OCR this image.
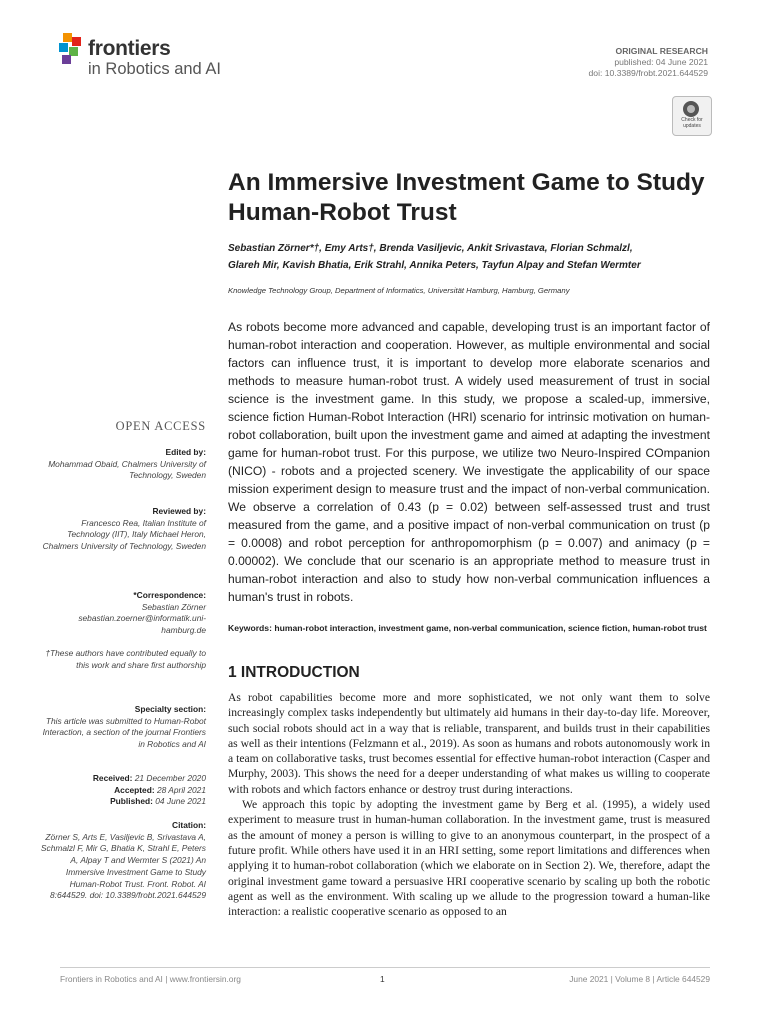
frontiers
in Robotics and AI
ORIGINAL RESEARCH
published: 04 June 2021
doi: 10.3389/frobt.2021.644529
Check for updates
An Immersive Investment Game to Study Human-Robot Trust
Sebastian Zörner*†, Emy Arts†, Brenda Vasiljevic, Ankit Srivastava, Florian Schmalzl,
Glareh Mir, Kavish Bhatia, Erik Strahl, Annika Peters, Tayfun Alpay and Stefan Wermter
Knowledge Technology Group, Department of Informatics, Universität Hamburg, Hamburg, Germany
As robots become more advanced and capable, developing trust is an important factor of human-robot interaction and cooperation. However, as multiple environmental and social factors can influence trust, it is important to develop more elaborate scenarios and methods to measure human-robot trust. A widely used measurement of trust in social science is the investment game. In this study, we propose a scaled-up, immersive, science fiction Human-Robot Interaction (HRI) scenario for intrinsic motivation on human-robot collaboration, built upon the investment game and aimed at adapting the investment game for human-robot trust. For this purpose, we utilize two Neuro-Inspired COmpanion (NICO) - robots and a projected scenery. We investigate the applicability of our space mission experiment design to measure trust and the impact of non-verbal communication. We observe a correlation of 0.43 (p = 0.02) between self-assessed trust and trust measured from the game, and a positive impact of non-verbal communication on trust (p = 0.0008) and robot perception for anthropomorphism (p = 0.007) and animacy (p = 0.00002). We conclude that our scenario is an appropriate method to measure trust in human-robot interaction and also to study how non-verbal communication influences a human's trust in robots.
Keywords: human-robot interaction, investment game, non-verbal communication, science fiction, human-robot trust
1 INTRODUCTION

As robot capabilities become more and more sophisticated, we not only want them to solve increasingly complex tasks independently but ultimately aid humans in their day-to-day life. Moreover, such social robots should act in a way that is reliable, transparent, and builds trust in their capabilities as well as their intentions (Felzmann et al., 2019). As soon as humans and robots autonomously work in a team on collaborative tasks, trust becomes essential for effective human-robot interaction (Casper and Murphy, 2003). This shows the need for a deeper understanding of what makes us willing to cooperate with robots and which factors enhance or destroy trust during interactions.

We approach this topic by adopting the investment game by Berg et al. (1995), a widely used experiment to measure trust in human-human collaboration. In the investment game, trust is measured as the amount of money a person is willing to give to an anonymous counterpart, in the prospect of a future profit. While others have used it in an HRI setting, some report limitations and differences when applying it to human-robot collaboration (which we elaborate on in Section 2). We, therefore, adapt the original investment game toward a persuasive HRI cooperative scenario by scaling up both the robotic agent as well as the environment. With scaling up we allude to the progression toward a human-like interaction: a realistic cooperative scenario as opposed to an

OPEN ACCESS
Edited by:
Mohammad Obaid, Chalmers University of Technology, Sweden
Reviewed by:
Francesco Rea, Italian Institute of Technology (IIT), Italy Michael Heron, Chalmers University of Technology, Sweden
*Correspondence:
Sebastian Zörner sebastian.zoerner@informatik.uni-hamburg.de
†These authors have contributed equally to this work and share first authorship
Specialty section:
This article was submitted to Human-Robot Interaction, a section of the journal Frontiers in Robotics and AI
Received: 21 December 2020
Accepted: 28 April 2021
Published: 04 June 2021
Citation:
Zörner S, Arts E, Vasiljevic B, Srivastava A, Schmalzl F, Mir G, Bhatia K, Strahl E, Peters A, Alpay T and Wermter S (2021) An Immersive Investment Game to Study Human-Robot Trust. Front. Robot. AI 8:644529. doi: 10.3389/frobt.2021.644529
Frontiers in Robotics and AI | www.frontiersin.org	1	June 2021 | Volume 8 | Article 644529
